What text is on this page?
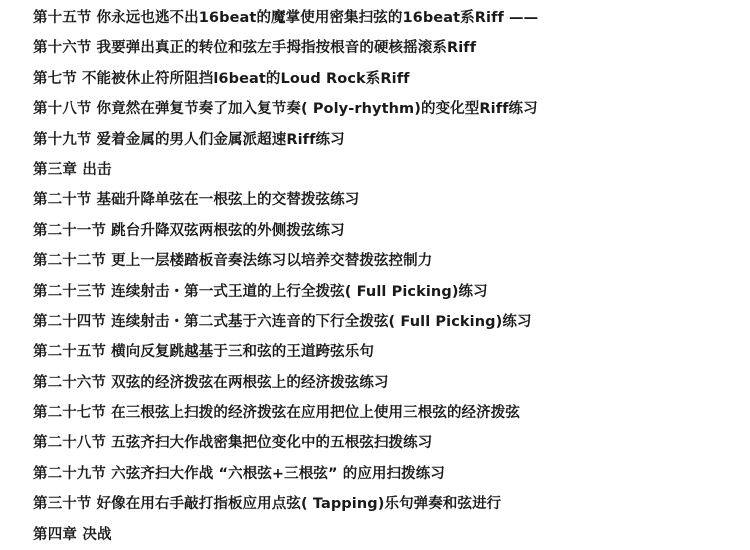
第十五节 你永远也逃不出16beat的魔掌使用密集扫弦的16beat系Riff ——
第十六节 我要弹出真正的转位和弦左手拇指按根音的硬核摇滚系Riff
第七节 不能被休止符所阻挡l6beat的Loud Rock系Riff
第十八节 你竟然在弹复节奏了加入复节奏( Poly-rhythm)的变化型Riff练习
第十九节 爱着金属的男人们金属派超速Riff练习
第三章 出击
第二十节 基础升降单弦在一根弦上的交替拨弦练习
第二十一节 跳台升降双弦两根弦的外侧拨弦练习
第二十二节 更上一层楼踏板音奏法练习以培养交替拨弦控制力
第二十三节 连续射击・第一式王道的上行全拨弦( Full Picking)练习
第二十四节 连续射击・第二式基于六连音的下行全拨弦( Full Picking)练习
第二十五节 横向反复跳越基于三和弦的王道跨弦乐句
第二十六节 双弦的经济拨弦在两根弦上的经济拨弦练习
第二十七节 在三根弦上扫拨的经济拨弦在应用把位上使用三根弦的经济拨弦
第二十八节 五弦齐扫大作战密集把位变化中的五根弦扫拨练习
第二十九节 六弦齐扫大作战 “六根弦+三根弦” 的应用扫拨练习
第三十节 好像在用右手敲打指板应用点弦( Tapping)乐句弹奏和弦进行
第四章 决战
